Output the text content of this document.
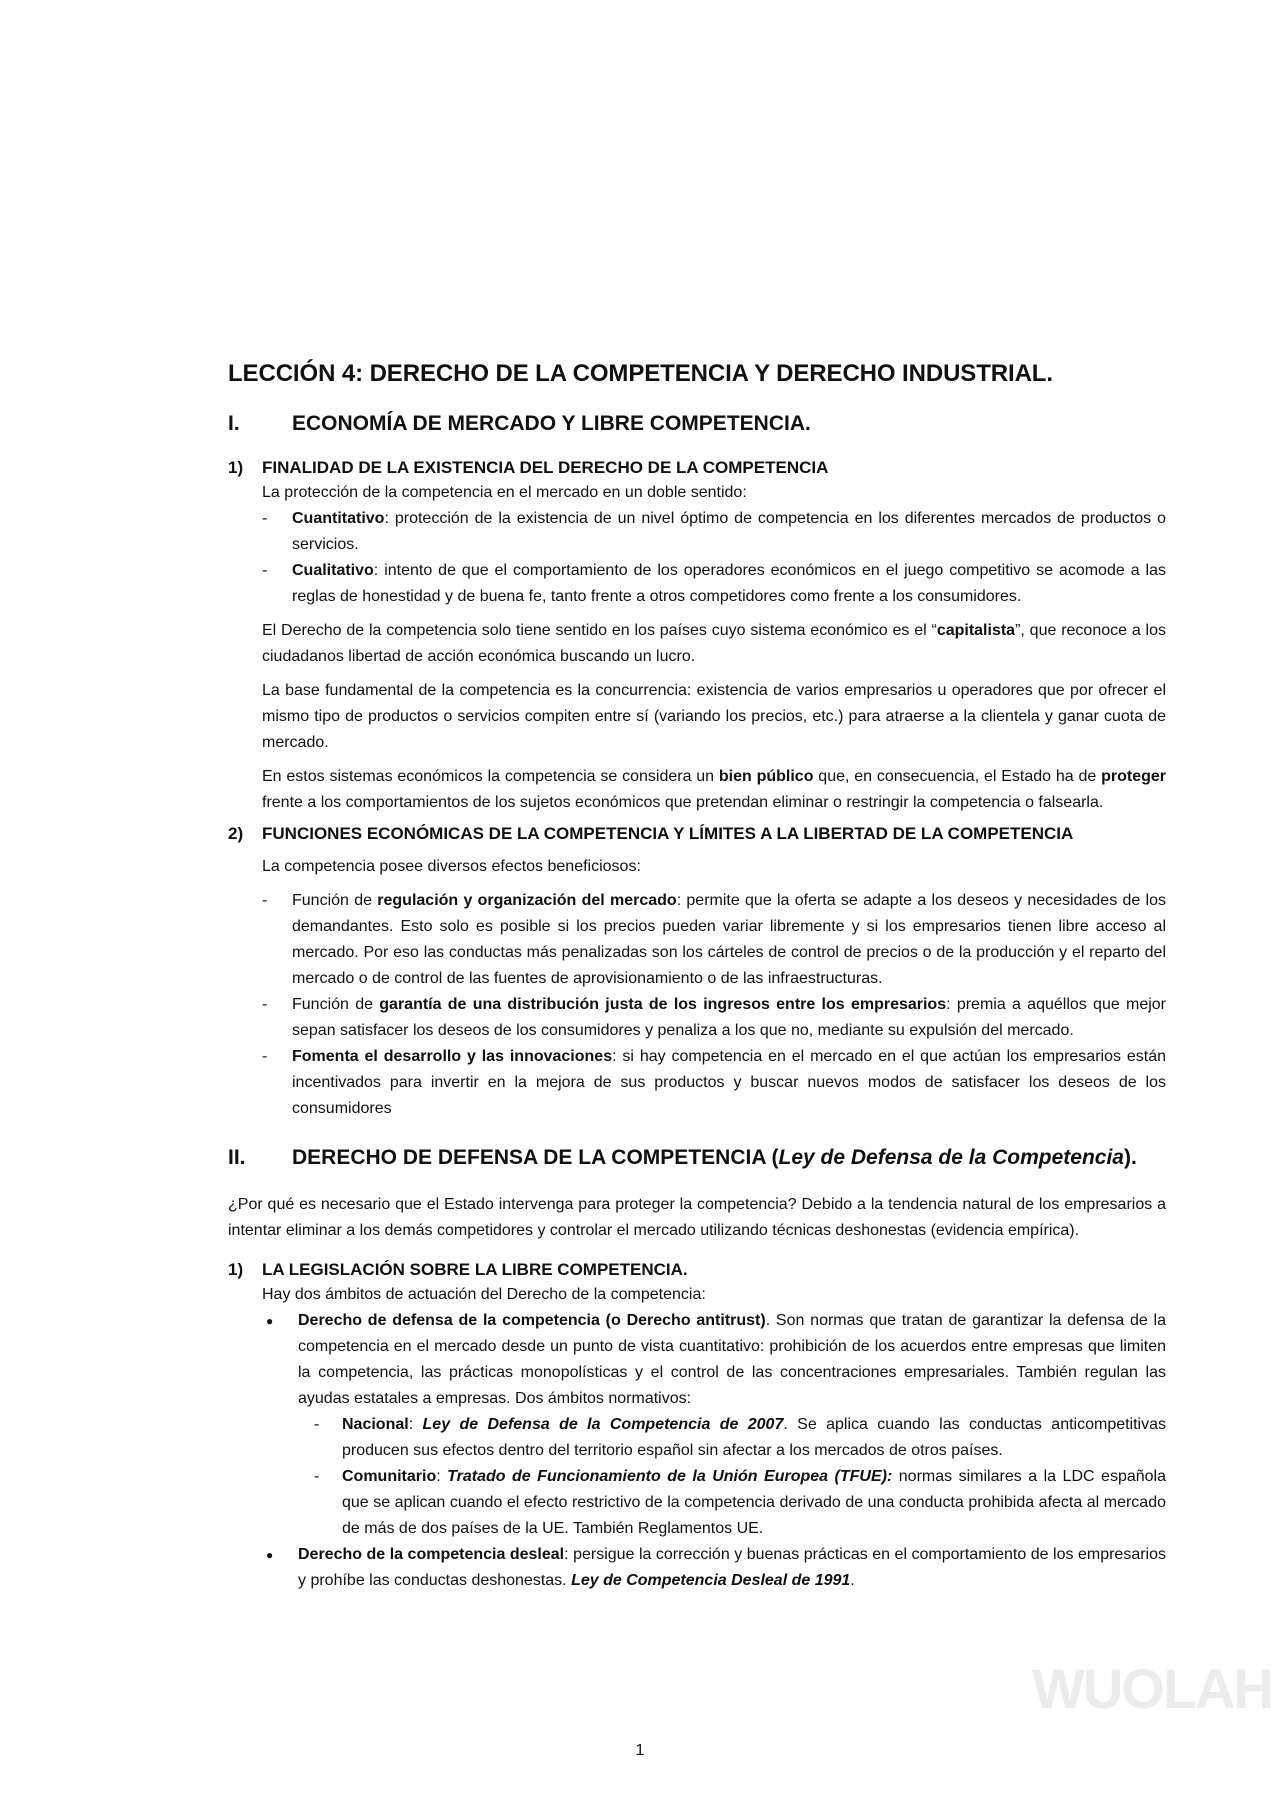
LECCIÓN 4: DERECHO DE LA COMPETENCIA Y DERECHO INDUSTRIAL.
I.	ECONOMÍA DE MERCADO Y LIBRE COMPETENCIA.
1)	FINALIDAD DE LA EXISTENCIA DEL DERECHO DE LA COMPETENCIA

La protección de la competencia en el mercado en un doble sentido:

- Cuantitativo: protección de la existencia de un nivel óptimo de competencia en los diferentes mercados de productos o servicios.
- Cualitativo: intento de que el comportamiento de los operadores económicos en el juego competitivo se acomode a las reglas de honestidad y de buena fe, tanto frente a otros competidores como frente a los consumidores.

El Derecho de la competencia solo tiene sentido en los países cuyo sistema económico es el “capitalista”, que reconoce a los ciudadanos libertad de acción económica buscando un lucro.

La base fundamental de la competencia es la concurrencia: existencia de varios empresarios u operadores que por ofrecer el mismo tipo de productos o servicios compiten entre sí (variando los precios, etc.) para atraerse a la clientela y ganar cuota de mercado.

En estos sistemas económicos la competencia se considera un bien público que, en consecuencia, el Estado ha de proteger frente a los comportamientos de los sujetos económicos que pretendan eliminar o restringir la competencia o falsearla.

2)	FUNCIONES ECONÓMICAS DE LA COMPETENCIA Y LÍMITES A LA LIBERTAD DE LA COMPETENCIA

La competencia posee diversos efectos beneficiosos:

- Función de regulación y organización del mercado: permite que la oferta se adapte a los deseos y necesidades de los demandantes. Esto solo es posible si los precios pueden variar libremente y si los empresarios tienen libre acceso al mercado. Por eso las conductas más penalizadas son los cárteles de control de precios o de la producción y el reparto del mercado o de control de las fuentes de aprovisionamiento o de las infraestructuras.
- Función de garantía de una distribución justa de los ingresos entre los empresarios: premia a aquéllos que mejor sepan satisfacer los deseos de los consumidores y penaliza a los que no, mediante su expulsión del mercado.
- Fomenta el desarrollo y las innovaciones: si hay competencia en el mercado en el que actúan los empresarios están incentivados para invertir en la mejora de sus productos y buscar nuevos modos de satisfacer los deseos de los consumidores
II.	DERECHO DE DEFENSA DE LA COMPETENCIA (Ley de Defensa de la Competencia).

¿Por qué es necesario que el Estado intervenga para proteger la competencia? Debido a la tendencia natural de los empresarios a intentar eliminar a los demás competidores y controlar el mercado utilizando técnicas deshonestas (evidencia empírica).

1)	LA LEGISLACIÓN SOBRE LA LIBRE COMPETENCIA.

Hay dos ámbitos de actuación del Derecho de la competencia:

● Derecho de defensa de la competencia (o Derecho antitrust). Son normas que tratan de garantizar la defensa de la competencia en el mercado desde un punto de vista cuantitativo: prohibición de los acuerdos entre empresas que limiten la competencia, las prácticas monopolísticas y el control de las concentraciones empresariales. También regulan las ayudas estatales a empresas. Dos ámbitos normativos:
- Nacional: Ley de Defensa de la Competencia de 2007. Se aplica cuando las conductas anticompetitivas producen sus efectos dentro del territorio español sin afectar a los mercados de otros países.
- Comunitario: Tratado de Funcionamiento de la Unión Europea (TFUE): normas similares a la LDC española que se aplican cuando el efecto restrictivo de la competencia derivado de una conducta prohibida afecta al mercado de más de dos países de la UE. También Reglamentos UE.
● Derecho de la competencia desleal: persigue la corrección y buenas prácticas en el comportamiento de los empresarios y prohíbe las conductas deshonestas. Ley de Competencia Desleal de 1991.
WUOLAH
1
